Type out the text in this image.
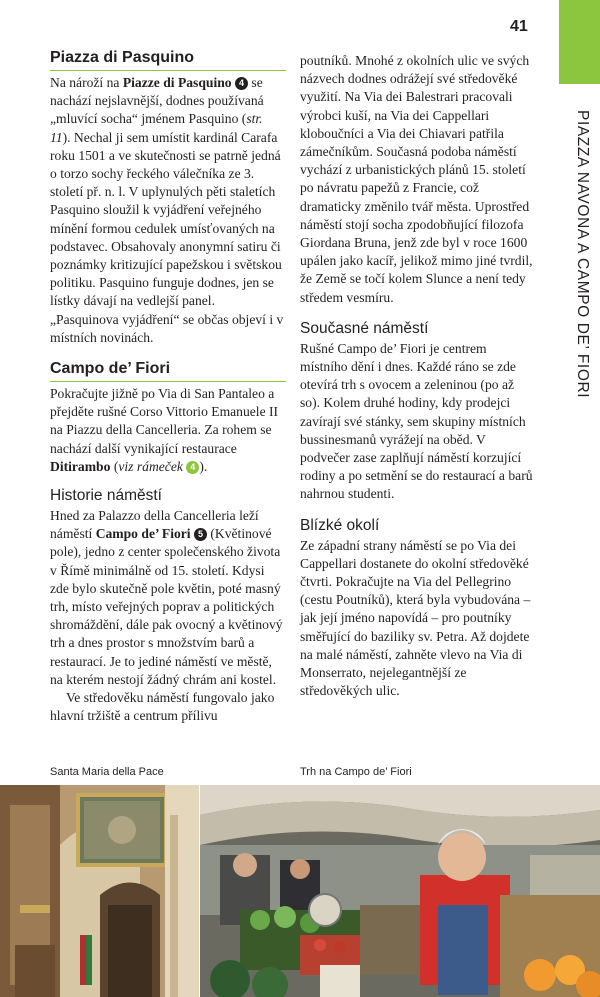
41
PIAZZA NAVONA A CAMPO DE’ FIORI
Piazza di Pasquino

Na nároží na Piazze di Pasquino 4 se nachází nejslavnější, dodnes používaná „mluvící socha“ jménem Pasquino (str. 11). Nechal ji sem umístit kardinál Carafa roku 1501 a ve skutečnosti se patrně jedná o torzo sochy řeckého válečníka ze 3. století př. n. l. V uplynulých pěti staletích Pasquino sloužil k vyjádření veřejného mínění formou cedulek umísťovaných na podstavec. Obsahovaly anonymní satiru či poznámky kritizující papežskou i světskou politiku. Pasquino funguje dodnes, jen se lístky dávají na vedlejší panel. „Pasquinova vyjádření“ se občas objeví i v místních novinách.

Campo de’ Fiori

Pokračujte jižně po Via di San Pantaleo a přejděte rušné Corso Vittorio Emanuele II na Piazzu della Cancelleria. Za rohem se nachází další vynikající restaurace Ditirambo (viz rámeček 4 ).

Historie náměstí

Hned za Palazzo della Cancelleria leží náměstí Campo de’ Fiori 5 (Květinové pole), jedno z center společenského života v Římě minimálně od 15. století. Kdysi zde bylo skutečně pole květin, poté masný trh, místo veřejných poprav a politických shromáždění, dále pak ovocný a květinový trh a dnes prostor s množstvím barů a restaurací. Je to jediné náměstí ve městě, na kterém nestojí žádný chrám ani kostel.

Ve středověku náměstí fungovalo jako hlavní tržiště a centrum přílivu

poutníků. Mnohé z okolních ulic ve svých názvech dodnes odrážejí své středověké využití. Na Via dei Balestrari pracovali výrobci kuší, na Via dei Cappellari kloboučníci a Via dei Chiavari patřila zámečníkům. Současná podoba náměstí vychází z urbanistických plánů 15. století po návratu papežů z Francie, což dramaticky změnilo tvář města. Uprostřed náměstí stojí socha zpodobňující filozofa Giordana Bruna, jenž zde byl v roce 1600 upálen jako kacíř, jelikož mimo jiné tvrdil, že Země se točí kolem Slunce a není tedy středem vesmíru.

Současné náměstí

Rušné Campo de’ Fiori je centrem místního dění i dnes. Každé ráno se zde otevírá trh s ovocem a zeleninou (po až so). Kolem druhé hodiny, kdy prodejci zavírají své stánky, sem skupiny místních bussinesmanů vyrážejí na oběd. V podvečer zase zaplňují náměstí korzující rodiny a po setmění se do restaurací a barů nahrnou studenti.

Blízké okolí

Ze západní strany náměstí se po Via dei Cappellari dostanete do okolní středověké čtvrti. Pokračujte na Via del Pellegrino (cestu Poutníků), která byla vybudována – jak její jméno napovídá – pro poutníky směřující do baziliky sv. Petra. Až dojdete na malé náměstí, zahněte vlevo na Via di Monserrato, nejelegantnější ze středověkých ulic.

Santa Maria della Pace	Trh na Campo de’ Fiori
